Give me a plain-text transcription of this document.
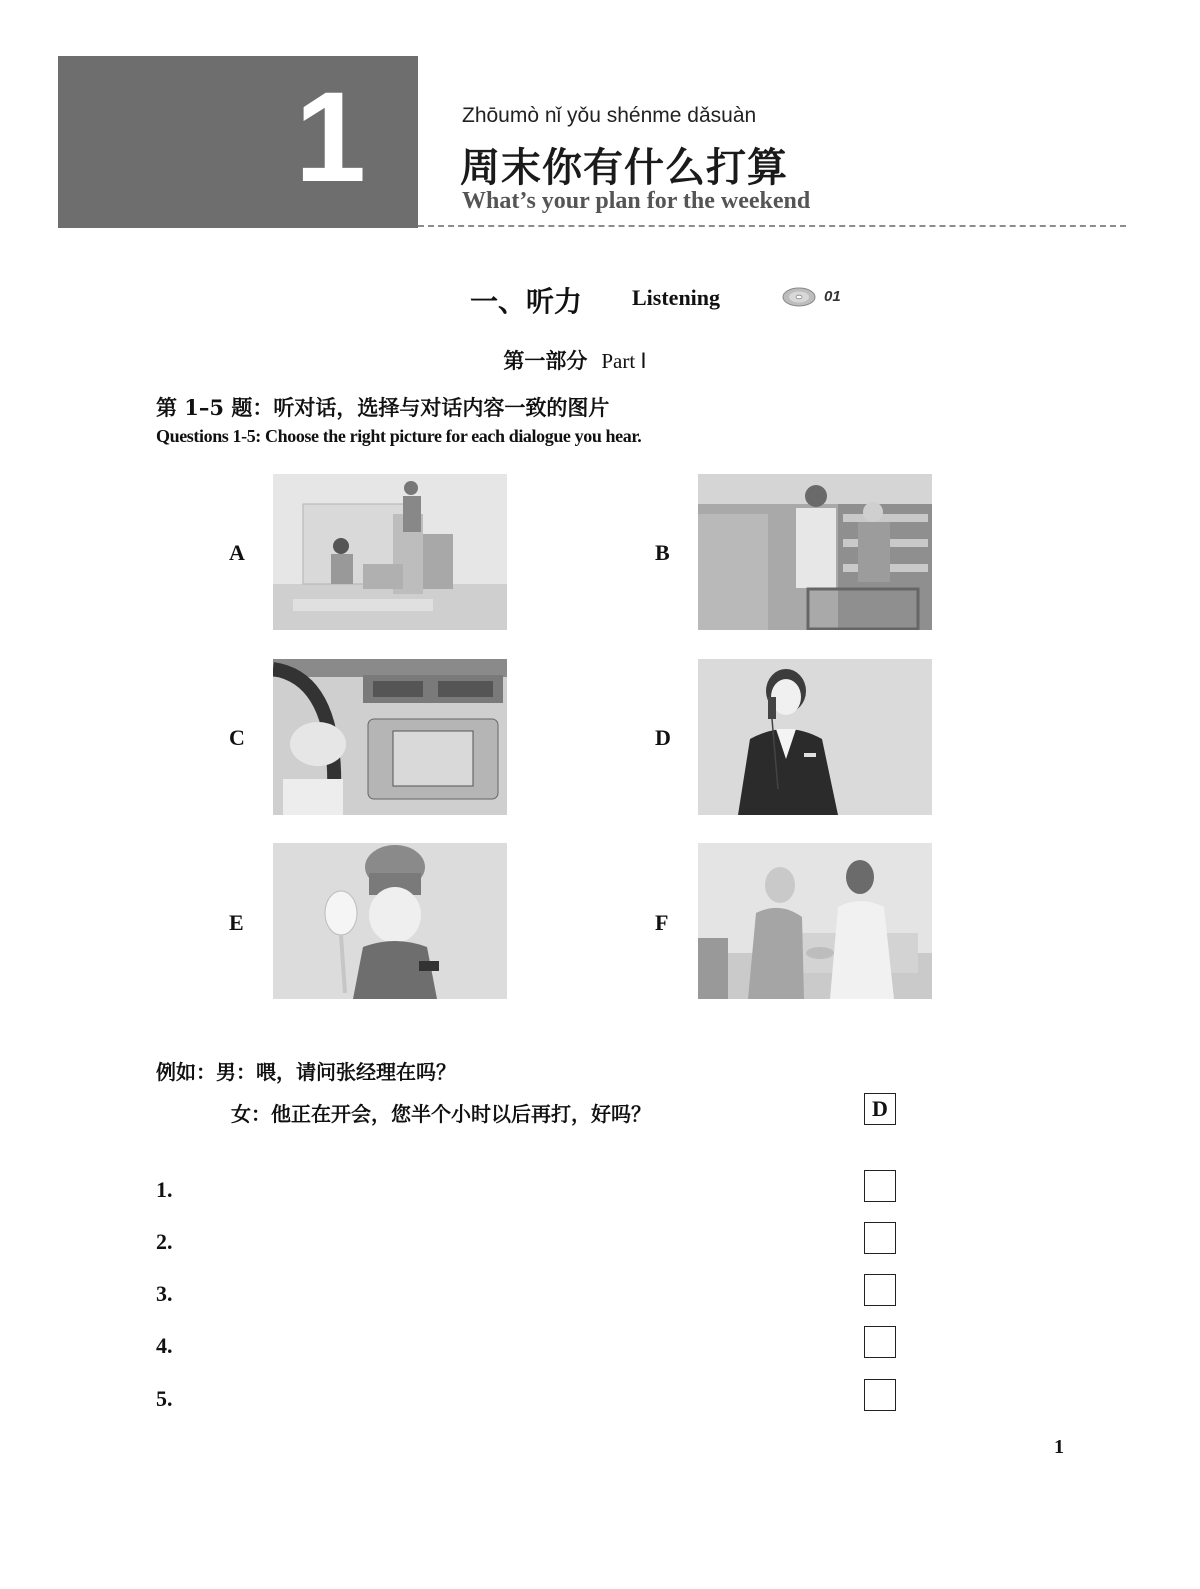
1	Zhōumò nǐ yǒu shénme dǎsuàn
周末你有什么打算
What’s your plan for the weekend
一、听力 Listening	01
第一部分 Part Ⅰ
第 1–5 题：听对话，选择与对话内容一致的图片
Questions 1-5: Choose the right picture for each dialogue you hear.
A	B
C	D
E	F
例如：男：喂，请问张经理在吗？
女：他正在开会，您半个小时以后再打，好吗？	D
1.
2.
3.
4.
5.
1
